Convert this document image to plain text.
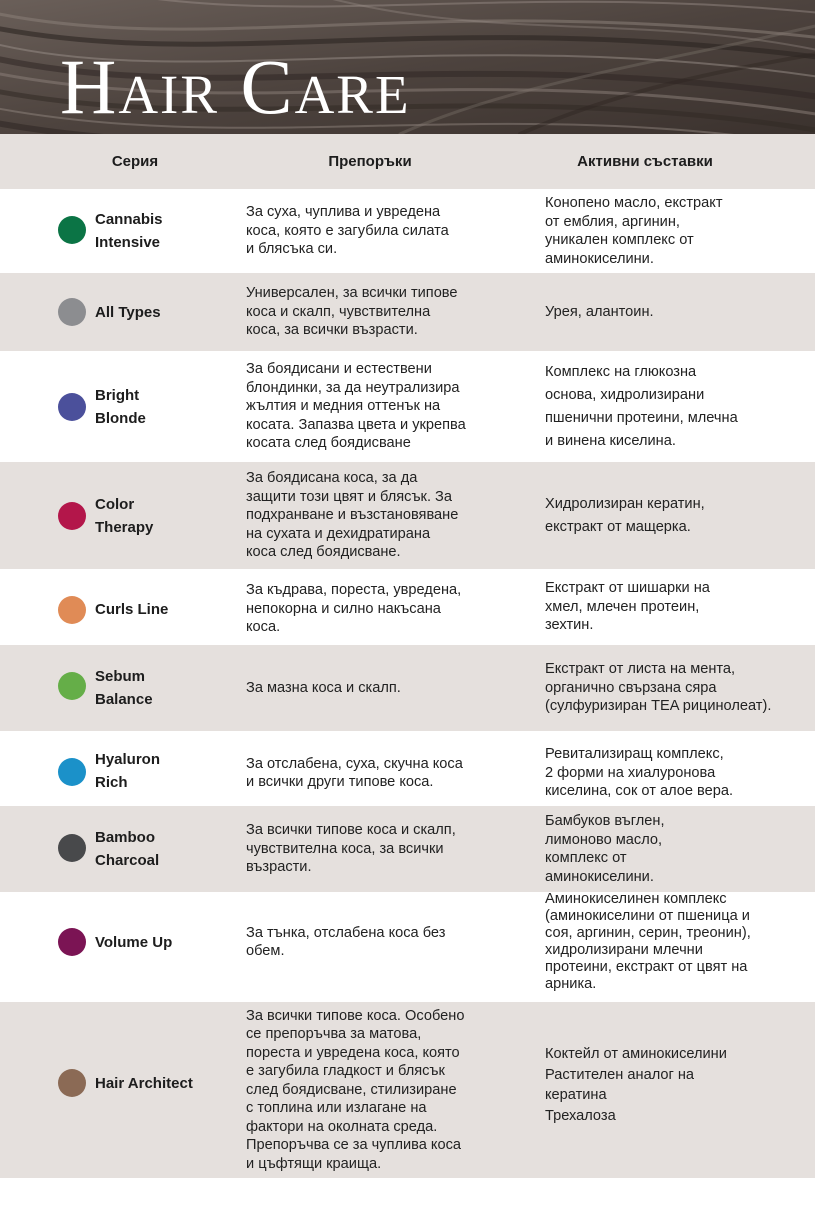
Hair Care
Серия	Препоръки	Активни съставки
Cannabis
Intensive
За суха, чуплива и увредена
коса, която е загубила силата
и блясъка си.
Конопено масло, екстракт
от емблия, аргинин,
уникален комплекс от
аминокиселини.
All Types
Универсален, за всички типове
коса и скалп, чувствителна
коса, за всички възрасти.
Урея, алантоин.
Bright
Blonde
За боядисани и естествени
блондинки, за да неутрализира
жълтия и медния оттенък на
косата. Запазва цвета и укрепва
косата след боядисване
Комплекс на глюкозна
основа, хидролизирани
пшенични протеини, млечна
и винена киселина.
Color
Therapy
За боядисана коса, за да
защити този цвят и блясък. За
подхранване и възстановяване
на сухата и дехидратирана
коса след боядисване.
Хидролизиран кератин,
екстракт от мащерка.
Curls Line
За къдрава, пореста, увредена,
непокорна и силно накъсана
коса.
Екстракт от шишарки на
хмел, млечен протеин,
зехтин.
Sebum
Balance
За мазна коса и скалп.
Екстракт от листа на мента,
органично свързана сяра
(сулфуризиран TEA рицинолеат).
Hyaluron
Rich
За отслабена, суха, скучна коса
и всички други типове коса.
Ревитализиращ комплекс,
2 форми на хиалуронова
киселина, сок от алое вера.
Bamboo
Charcoal
За всички типове коса и скалп,
чувствителна коса, за всички
възрасти.
Бамбуков въглен,
лимоново масло,
комплекс от
аминокиселини.
Volume Up
За тънка, отслабена коса без
обем.
Аминокиселинен комплекс
(аминокиселини от пшеница и
соя, аргинин, серин, треонин),
хидролизирани млечни
протеини, екстракт от цвят на
арника.
Hair Architect
За всички типове коса. Особено
се препоръчва за матова,
пореста и увредена коса, която
е загубила гладкост и блясък
след боядисване, стилизиране
с топлина или излагане на
фактори на околната среда.
Препоръчва се за чуплива коса
и цъфтящи краища.
Коктейл от аминокиселини
Растителен аналог на
кератина
Трехалоза
